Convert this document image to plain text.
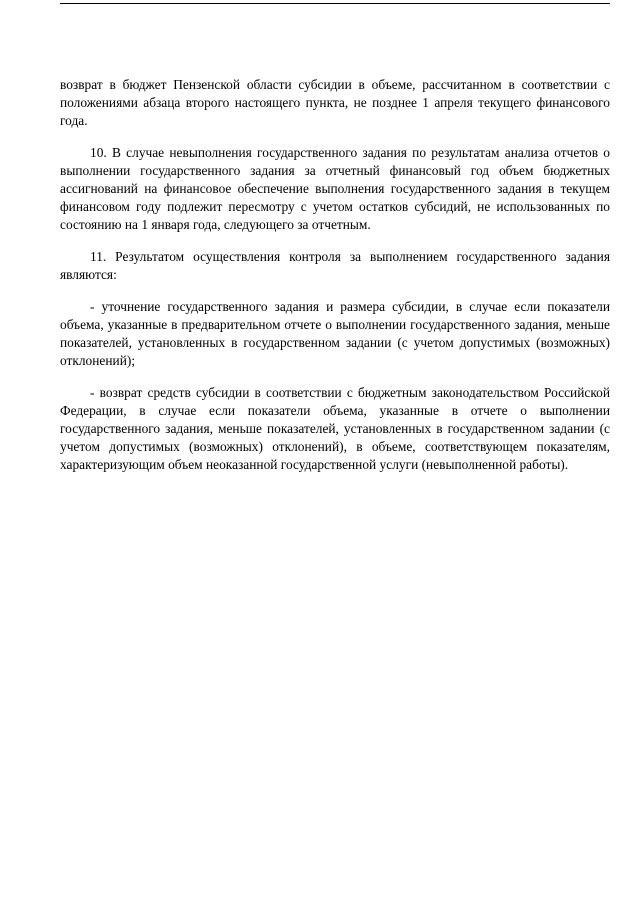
возврат в бюджет Пензенской области субсидии в объеме, рассчитанном в соответствии с положениями абзаца второго настоящего пункта, не позднее 1 апреля текущего финансового года.

10. В случае невыполнения государственного задания по результатам анализа отчетов о выполнении государственного задания за отчетный финансовый год объем бюджетных ассигнований на финансовое обеспечение выполнения государственного задания в текущем финансовом году подлежит пересмотру с учетом остатков субсидий, не использованных по состоянию на 1 января года, следующего за отчетным.

11. Результатом осуществления контроля за выполнением государственного задания являются:

- уточнение государственного задания и размера субсидии, в случае если показатели объема, указанные в предварительном отчете о выполнении государственного задания, меньше показателей, установленных в государственном задании (с учетом допустимых (возможных) отклонений);

- возврат средств субсидии в соответствии с бюджетным законодательством Российской Федерации, в случае если показатели объема, указанные в отчете о выполнении государственного задания, меньше показателей, установленных в государственном задании (с учетом допустимых (возможных) отклонений), в объеме, соответствующем показателям, характеризующим объем неоказанной государственной услуги (невыполненной работы).
